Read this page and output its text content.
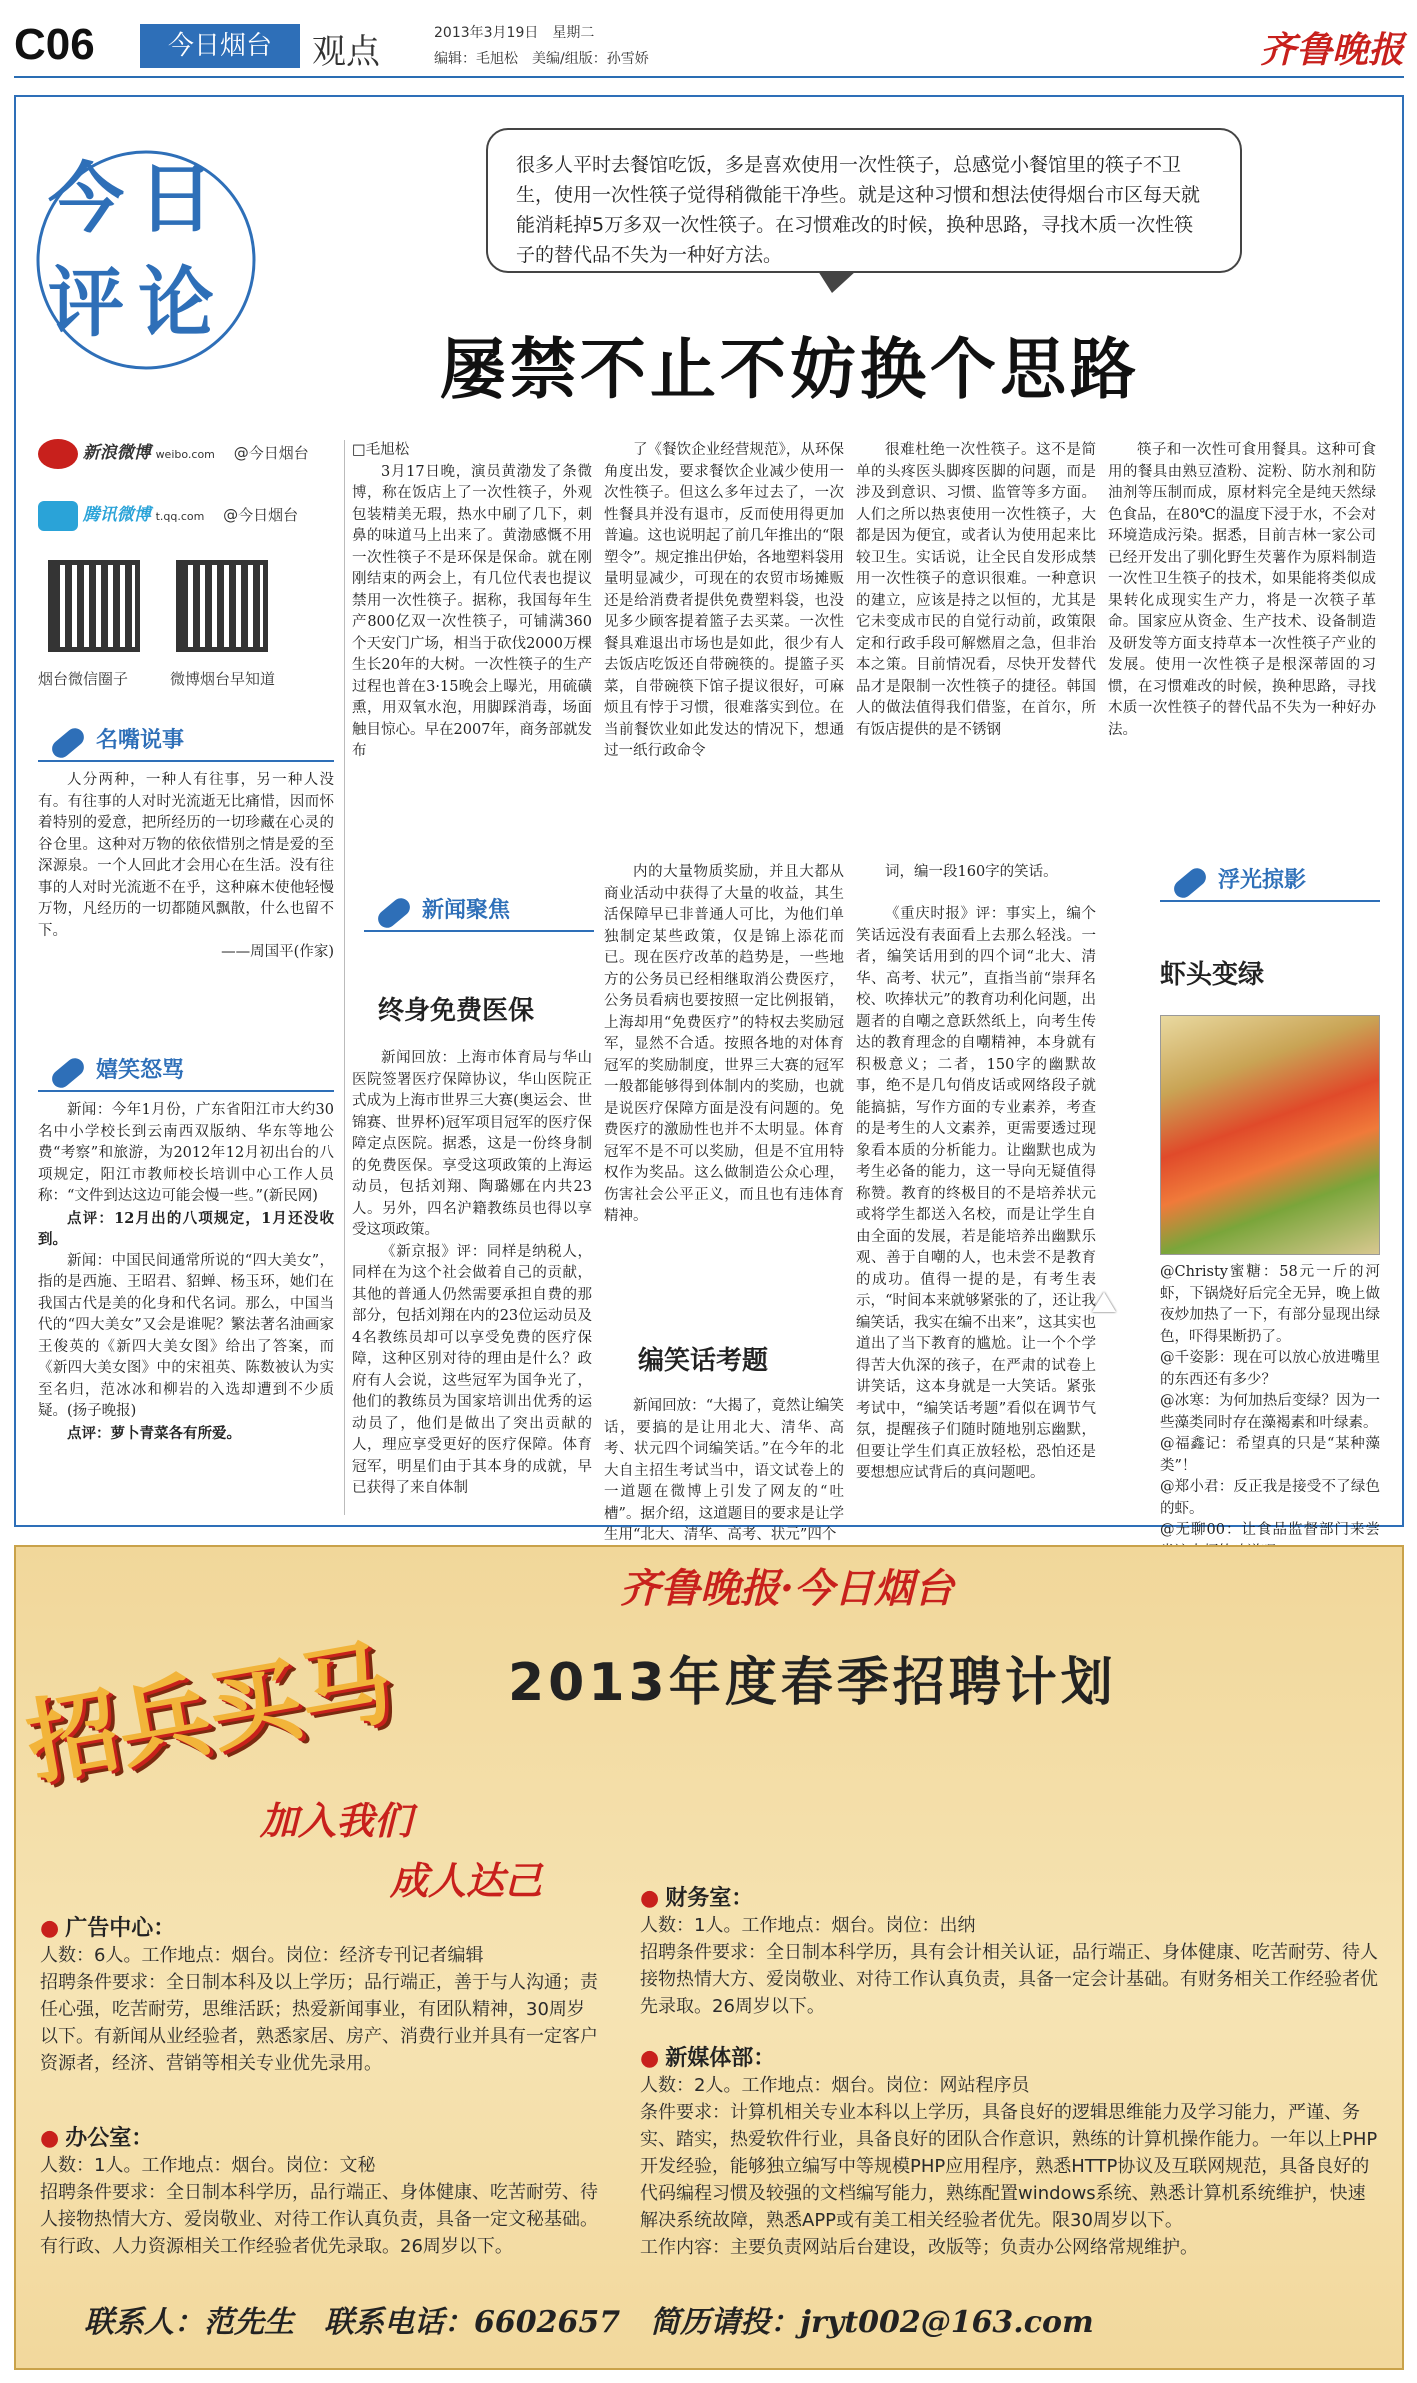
C06	今日烟台	观点	2013年3月19日　星期二
编辑：毛旭松　美编/组版：孙雪娇	齐鲁晚报
今 日
评 论
很多人平时去餐馆吃饭，多是喜欢使用一次性筷子，总感觉小餐馆里的筷子不卫生，使用一次性筷子觉得稍微能干净些。就是这种习惯和想法使得烟台市区每天就能消耗掉5万多双一次性筷子。在习惯难改的时候，换种思路，寻找木质一次性筷子的替代品不失为一种好方法。
屡禁不止不妨换个思路
新浪微博 weibo.com @今日烟台
腾讯微博 t.qq.com @今日烟台
烟台微信圈子	微博烟台早知道
名嘴说事

人分两种，一种人有往事，另一种人没有。有往事的人对时光流逝无比痛惜，因而怀着特别的爱意，把所经历的一切珍藏在心灵的谷仓里。这种对万物的依依惜别之情是爱的至深源泉。一个人回此才会用心在生活。没有往事的人对时光流逝不在乎，这种麻木使他轻慢万物，凡经历的一切都随风飘散，什么也留不下。

——周国平(作家)
嬉笑怒骂

新闻：今年1月份，广东省阳江市大约30名中小学校长到云南西双版纳、华东等地公费“考察”和旅游，为2012年12月初出台的八项规定，阳江市教师校长培训中心工作人员称：“文件到达这边可能会慢一些。”(新民网)

点评：12月出的八项规定，1月还没收到。

新闻：中国民间通常所说的“四大美女”，指的是西施、王昭君、貂蝉、杨玉环，她们在我国古代是美的化身和代名词。那么，中国当代的“四大美女”又会是谁呢？繁法著名油画家王俊英的《新四大美女图》给出了答案，而《新四大美女图》中的宋祖英、陈数被认为实至名归，范冰冰和柳岩的入选却遭到不少质疑。(扬子晚报)

点评：萝卜青菜各有所爱。

□毛旭松

3月17日晚，演员黄渤发了条微博，称在饭店上了一次性筷子，外观包装精美无瑕，热水中刷了几下，刺鼻的味道马上出来了。黄渤感慨不用一次性筷子不是环保是保命。就在刚刚结束的两会上，有几位代表也提议禁用一次性筷子。据称，我国每年生产800亿双一次性筷子，可铺满360个天安门广场，相当于砍伐2000万棵生长20年的大树。一次性筷子的生产过程也普在3·15晚会上曝光，用硫磺熏，用双氧水泡，用脚踩消毒，场面触目惊心。早在2007年，商务部就发布

了《餐饮企业经营规范》，从环保角度出发，要求餐饮企业减少使用一次性筷子。但这么多年过去了，一次性餐具并没有退市，反而使用得更加普遍。这也说明起了前几年推出的“限塑令”。规定推出伊始，各地塑料袋用量明显减少，可现在的农贸市场摊贩还是给消费者提供免费塑料袋，也没见多少顾客提着篮子去买菜。一次性餐具难退出市场也是如此，很少有人去饭店吃饭还自带碗筷的。提篮子买菜，自带碗筷下馆子提议很好，可麻烦且有悖于习惯，很难落实到位。在当前餐饮业如此发达的情况下，想通过一纸行政命令

很难杜绝一次性筷子。这不是简单的头疼医头脚疼医脚的问题，而是涉及到意识、习惯、监管等多方面。人们之所以热衷使用一次性筷子，大都是因为便宜，或者认为使用起来比较卫生。实话说，让全民自发形成禁用一次性筷子的意识很难。一种意识的建立，应该是持之以恒的，尤其是它未变成市民的自觉行动前，政策限定和行政手段可解燃眉之急，但非治本之策。目前情况看，尽快开发替代品才是限制一次性筷子的捷径。韩国人的做法值得我们借鉴，在首尔，所有饭店提供的是不锈钢

筷子和一次性可食用餐具。这种可食用的餐具由熟豆渣粉、淀粉、防水剂和防油剂等压制而成，原材料完全是纯天然绿色食品，在80℃的温度下浸于水，不会对环境造成污染。据悉，目前吉林一家公司已经开发出了驯化野生芡薯作为原料制造一次性卫生筷子的技术，如果能将类似成果转化成现实生产力，将是一次筷子革命。国家应从资金、生产技术、设备制造及研发等方面支持草本一次性筷子产业的发展。使用一次性筷子是根深蒂固的习惯，在习惯难改的时候，换种思路，寻找木质一次性筷子的替代品不失为一种好办法。

新闻聚焦
终身免费医保

新闻回放：上海市体育局与华山医院签署医疗保障协议，华山医院正式成为上海市世界三大赛(奥运会、世锦赛、世界杯)冠军项目冠军的医疗保障定点医院。据悉，这是一份终身制的免费医保。享受这项政策的上海运动员，包括刘翔、陶璐娜在内共23人。另外，四名沪籍教练员也得以享受这项政策。

《新京报》评：同样是纳税人，同样在为这个社会做着自己的贡献，其他的普通人仍然需要承担自费的那部分，包括刘翔在内的23位运动员及4名教练员却可以享受免费的医疗保障，这种区别对待的理由是什么？政府有人会说，这些冠军为国争光了，他们的教练员为国家培训出优秀的运动员了，他们是做出了突出贡献的人，理应享受更好的医疗保障。体育冠军，明星们由于其本身的成就，早已获得了来自体制

内的大量物质奖励，并且大都从商业活动中获得了大量的收益，其生活保障早已非普通人可比，为他们单独制定某些政策，仅是锦上添花而已。现在医疗改革的趋势是，一些地方的公务员已经相继取消公费医疗，公务员看病也要按照一定比例报销，上海却用“免费医疗”的特权去奖励冠军，显然不合适。按照各地的对体育冠军的奖励制度，世界三大赛的冠军一般都能够得到体制内的奖励，也就是说医疗保障方面是没有问题的。免费医疗的激励性也并不太明显。体育冠军不是不可以奖励，但是不宜用特权作为奖品。这么做制造公众心理，伤害社会公平正义，而且也有违体育精神。

编笑话考题

新闻回放：“大揭了，竟然让编笑话，要搞的是让用北大、清华、高考、状元四个词编笑话。”在今年的北大自主招生考试当中，语文试卷上的一道题在微博上引发了网友的“吐槽”。据介绍，这道题目的要求是让学生用“北大、清华、高考、状元”四个

词，编一段160字的笑话。

《重庆时报》评：事实上，编个笑话远没有表面看上去那么轻浅。一者，编笑话用到的四个词“北大、清华、高考、状元”，直指当前“崇拜名校、吹捧状元”的教育功利化问题，出题者的自嘲之意跃然纸上，向考生传达的教育理念的自嘲精神，本身就有积极意义；二者，150字的幽默故事，绝不是几句俏皮话或网络段子就能搞掂，写作方面的专业素养，考查的是考生的人文素养，更需要透过现象看本质的分析能力。让幽默也成为考生必备的能力，这一导向无疑值得称赞。教育的终极目的不是培养状元或将学生都送入名校，而是让学生自由全面的发展，若是能培养出幽默乐观、善于自嘲的人，也未尝不是教育的成功。值得一提的是，有考生表示，“时间本来就够紧张的了，还让我编笑话，我实在编不出来”，这其实也道出了当下教育的尴尬。让一个个学得苦大仇深的孩子，在严肃的试卷上讲笑话，这本身就是一大笑话。紧张考试中，“编笑话考题”看似在调节气氛，提醒孩子们随时随地别忘幽默，但要让学生们真正放轻松，恐怕还是要想想应试背后的真问题吧。

浮光掠影
虾头变绿
@Christy蜜糖：58元一斤的河虾，下锅烧好后完全无异，晚上做夜炒加热了一下，有部分显现出绿色，吓得果断扔了。
@千姿影：现在可以放心放进嘴里的东西还有多少？
@冰寒：为何加热后变绿？因为一些藻类同时存在藻褐素和叶绿素。
@福鑫记：希望真的只是“某种藻类”！
@郑小君：反正我是接受不了绿色的虾。
@无聊00：让食品监督部门来尝
齐鲁晚报·今日烟台
招兵买马 2013年度春季招聘计划
加入我们
成人达己
● 广告中心：
人数：6人。工作地点：烟台。岗位：经济专刊记者编辑
招聘条件要求：全日制本科及以上学历；品行端正，善于与人沟通；责任心强，吃苦耐劳，思维活跃；热爱新闻事业，有团队精神，30周岁以下。有新闻从业经验者，熟悉家居、房产、消费行业并具有一定客户资源者，经济、营销等相关专业优先录用。
● 办公室：
人数：1人。工作地点：烟台。岗位：文秘
招聘条件要求：全日制本科学历，品行端正、身体健康、吃苦耐劳、待人接物热情大方、爱岗敬业、对待工作认真负责，具备一定文秘基础。有行政、人力资源相关工作经验者优先录取。26周岁以下。
● 财务室：
人数：1人。工作地点：烟台。岗位：出纳
招聘条件要求：全日制本科学历，具有会计相关认证，品行端正、身体健康、吃苦耐劳、待人接物热情大方、爱岗敬业、对待工作认真负责，具备一定会计基础。有财务相关工作经验者优先录取。26周岁以下。
● 新媒体部：
人数：2人。工作地点：烟台。岗位：网站程序员
条件要求：计算机相关专业本科以上学历，具备良好的逻辑思维能力及学习能力，严谨、务实、踏实，热爱软件行业，具备良好的团队合作意识，熟练的计算机操作能力。一年以上PHP开发经验，能够独立编写中等规模PHP应用程序，熟悉HTTP协议及互联网规范，具备良好的代码编程习惯及较强的文档编写能力，熟练配置windows系统、熟悉计算机系统维护，快速解决系统故障，熟悉APP或有美工相关经验者优先。限30周岁以下。
工作内容：主要负责网站后台建设，改版等；负责办公网络常规维护。
联系人：范先生　联系电话：6602657　简历请投：jryt002@163.com
